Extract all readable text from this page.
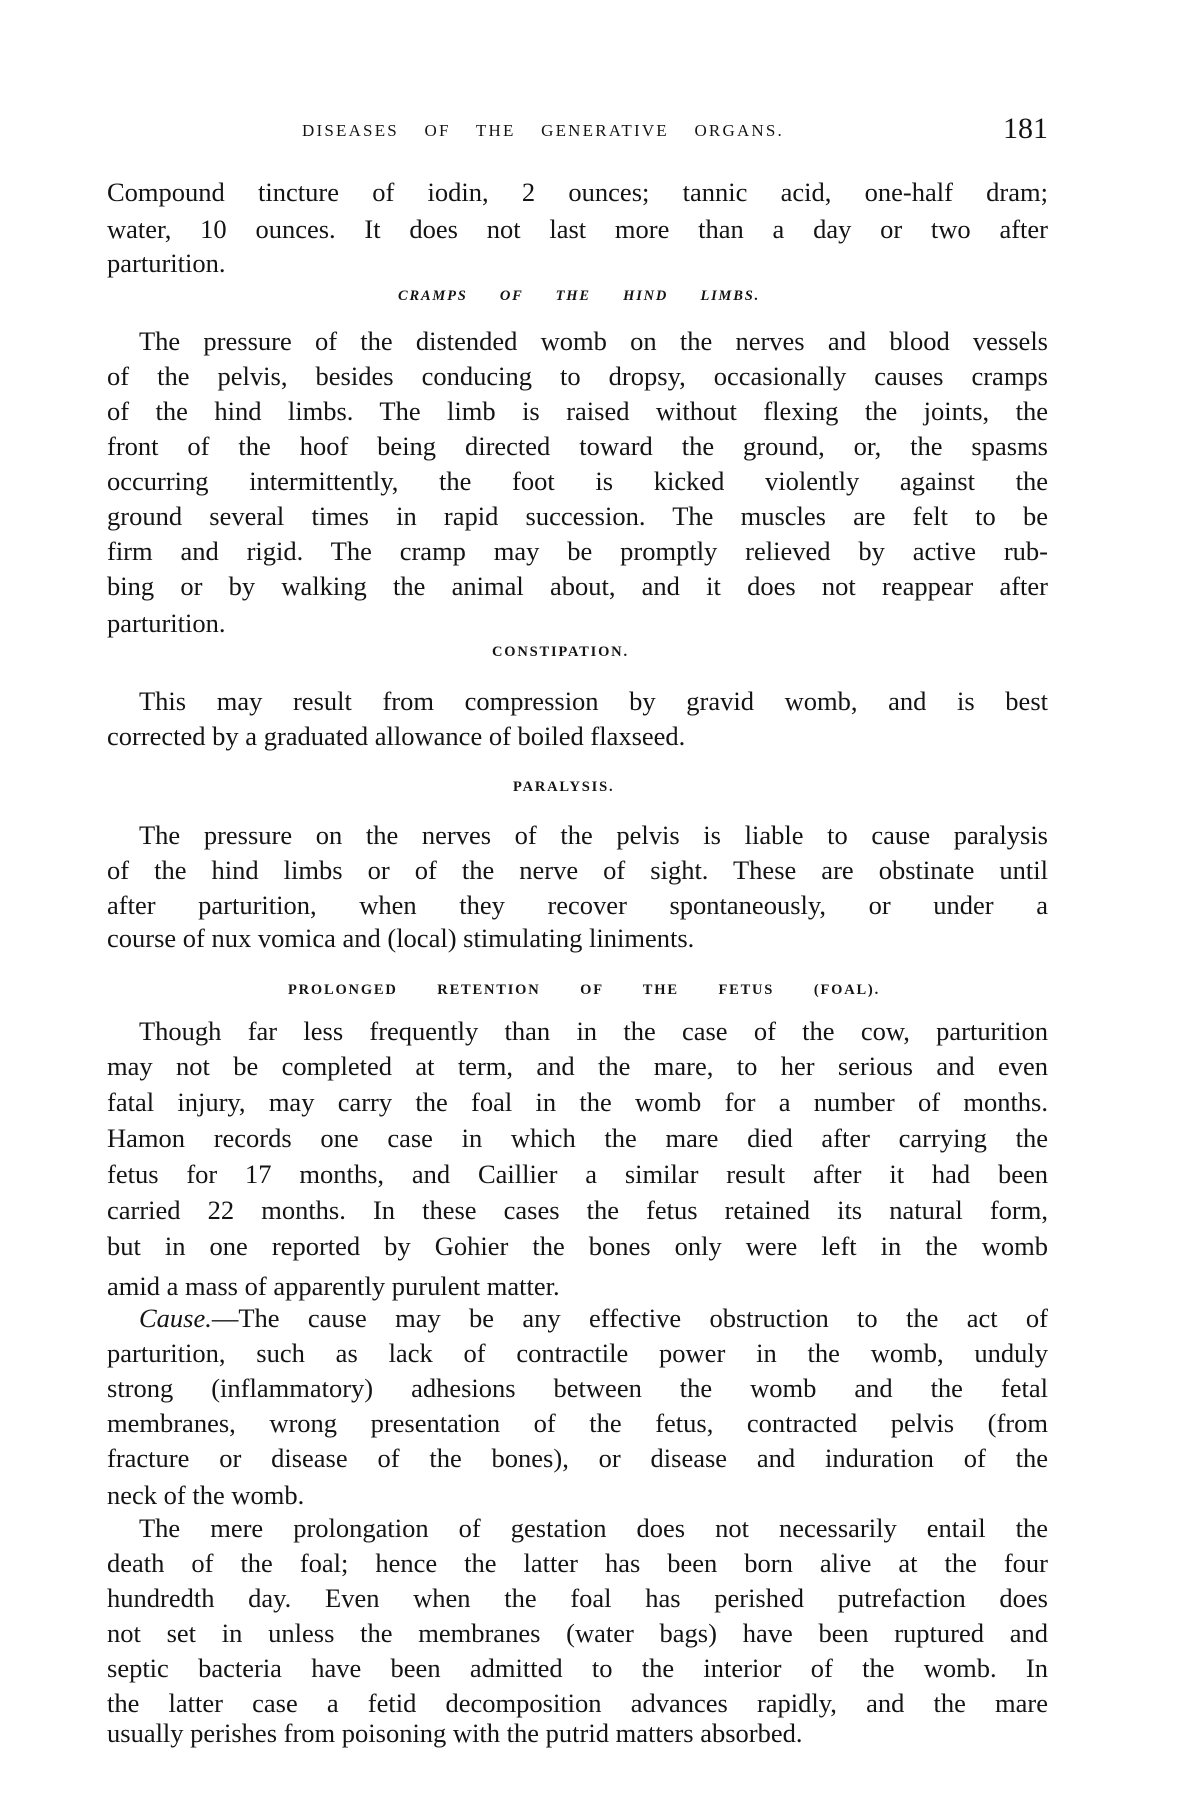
DISEASES OF THE GENERATIVE ORGANS.	181
Compound tincture of iodin, 2 ounces; tannic acid, one-half dram;
water, 10 ounces. It does not last more than a day or two after
parturition.
CRAMPS OF THE HIND LIMBS.
The pressure of the distended womb on the nerves and blood vessels
of the pelvis, besides conducing to dropsy, occasionally causes cramps
of the hind limbs. The limb is raised without flexing the joints, the
front of the hoof being directed toward the ground, or, the spasms
occurring intermittently, the foot is kicked violently against the
ground several times in rapid succession. The muscles are felt to be
firm and rigid. The cramp may be promptly relieved by active rub-
bing or by walking the animal about, and it does not reappear after
parturition.
CONSTIPATION.
This may result from compression by gravid womb, and is best
corrected by a graduated allowance of boiled flaxseed.
PARALYSIS.
The pressure on the nerves of the pelvis is liable to cause paralysis
of the hind limbs or of the nerve of sight. These are obstinate until
after parturition, when they recover spontaneously, or under a
course of nux vomica and (local) stimulating liniments.
PROLONGED RETENTION OF THE FETUS (FOAL).
Though far less frequently than in the case of the cow, parturition
may not be completed at term, and the mare, to her serious and even
fatal injury, may carry the foal in the womb for a number of months.
Hamon records one case in which the mare died after carrying the
fetus for 17 months, and Caillier a similar result after it had been
carried 22 months. In these cases the fetus retained its natural form,
but in one reported by Gohier the bones only were left in the womb
amid a mass of apparently purulent matter.
Cause.—The cause may be any effective obstruction to the act of
parturition, such as lack of contractile power in the womb, unduly
strong (inflammatory) adhesions between the womb and the fetal
membranes, wrong presentation of the fetus, contracted pelvis (from
fracture or disease of the bones), or disease and induration of the
neck of the womb.
The mere prolongation of gestation does not necessarily entail the
death of the foal; hence the latter has been born alive at the four
hundredth day. Even when the foal has perished putrefaction does
not set in unless the membranes (water bags) have been ruptured and
septic bacteria have been admitted to the interior of the womb. In
the latter case a fetid decomposition advances rapidly, and the mare
usually perishes from poisoning with the putrid matters absorbed.
